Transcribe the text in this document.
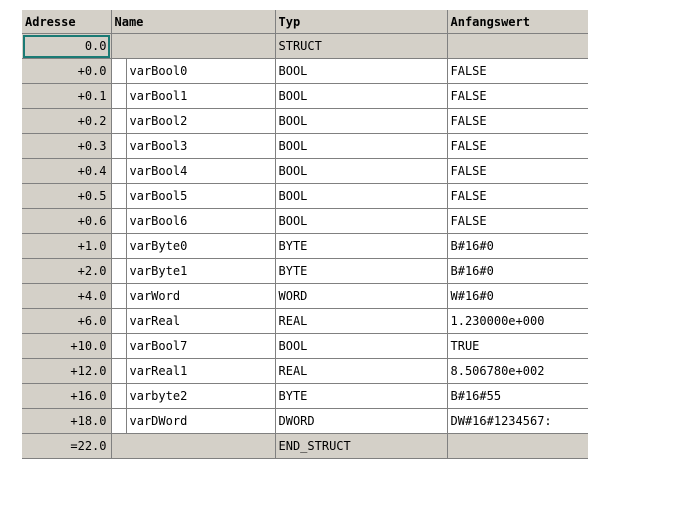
Adresse	Name		Typ	Anfangswert
0.0			STRUCT	
+0.0		varBool0	BOOL	FALSE
+0.1		varBool1	BOOL	FALSE
+0.2		varBool2	BOOL	FALSE
+0.3		varBool3	BOOL	FALSE
+0.4		varBool4	BOOL	FALSE
+0.5		varBool5	BOOL	FALSE
+0.6		varBool6	BOOL	FALSE
+1.0		varByte0	BYTE	B#16#0
+2.0		varByte1	BYTE	B#16#0
+4.0		varWord	WORD	W#16#0
+6.0		varReal	REAL	1.230000e+000
+10.0		varBool7	BOOL	TRUE
+12.0		varReal1	REAL	8.506780e+002
+16.0		varbyte2	BYTE	B#16#55
+18.0		varDWord	DWORD	DW#16#1234567:
=22.0			END_STRUCT	
